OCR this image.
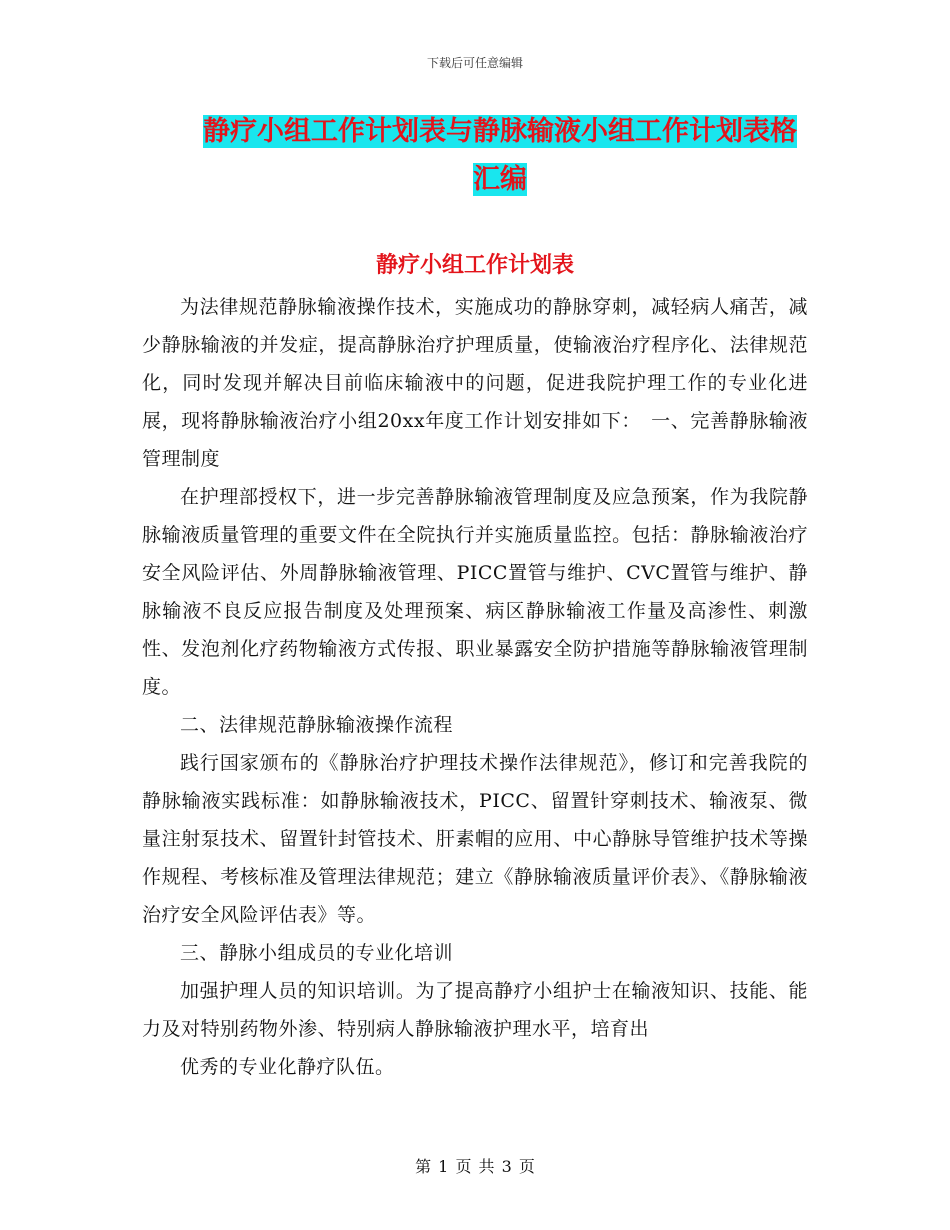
下载后可任意编辑
静疗小组工作计划表与静脉输液小组工作计划表格汇编
静疗小组工作计划表

为法律规范静脉输液操作技术，实施成功的静脉穿刺，减轻病人痛苦，减少静脉输液的并发症，提高静脉治疗护理质量，使输液治疗程序化、法律规范化，同时发现并解决目前临床输液中的问题，促进我院护理工作的专业化进展，现将静脉输液治疗小组20xx年度工作计划安排如下：　一、完善静脉输液管理制度

在护理部授权下，进一步完善静脉输液管理制度及应急预案，作为我院静脉输液质量管理的重要文件在全院执行并实施质量监控。包括：静脉输液治疗安全风险评估、外周静脉输液管理、PICC置管与维护、CVC置管与维护、静脉输液不良反应报告制度及处理预案、病区静脉输液工作量及高渗性、刺激性、发泡剂化疗药物输液方式传报、职业暴露安全防护措施等静脉输液管理制度。

二、法律规范静脉输液操作流程

践行国家颁布的《静脉治疗护理技术操作法律规范》，修订和完善我院的静脉输液实践标准：如静脉输液技术，PICC、留置针穿刺技术、输液泵、微量注射泵技术、留置针封管技术、肝素帽的应用、中心静脉导管维护技术等操作规程、考核标准及管理法律规范；建立《静脉输液质量评价表》、《静脉输液治疗安全风险评估表》等。

三、静脉小组成员的专业化培训

加强护理人员的知识培训。为了提高静疗小组护士在输液知识、技能、能力及对特别药物外渗、特别病人静脉输液护理水平，培育出

优秀的专业化静疗队伍。

第 1 页 共 3 页
